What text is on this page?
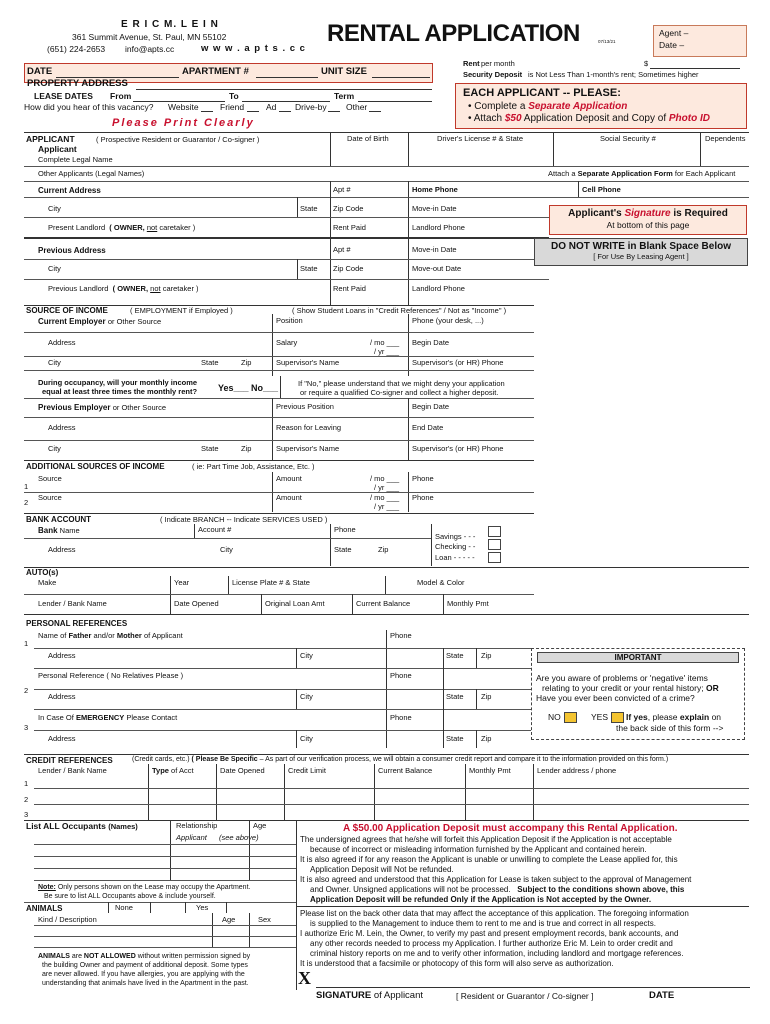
E R I C M. L E I N
361 Summit Avenue, St. Paul, MN 55102
(651) 224-2653 info@apts.cc	w w w . a p t s . c c
RENTAL APPLICATION	07/13/21
Agent –
Date –
DATE	APARTMENT #	UNIT SIZE
PROPERTY ADDRESS
LEASE DATES From	To	Term
How did you hear of this vacancy? Website	Friend	Ad Drive-by Other
Please Print Clearly
Rent per month	$
Security Deposit is Not Less Than 1-month's rent; Sometimes higher
EACH APPLICANT -- PLEASE:
• Complete a Separate Application
• Attach $50 Application Deposit and Copy of Photo ID
APPLICANT	( Prospective Resident or Guarantor / Co-signer )	Date of Birth	Driver's License # & State	Social Security #	Dependents
Applicant
Complete Legal Name
Other Applicants (Legal Names)	Attach a Separate Application Form for Each Applicant
Current Address	Apt #	Home Phone	Cell Phone
City	State Zip Code	Move-in Date
Present Landlord ( OWNER, not caretaker )	Rent Paid	Landlord Phone
Previous Address	Apt #	Move-in Date
City	State Zip Code	Move-out Date
Previous Landlord ( OWNER, not caretaker )	Rent Paid	Landlord Phone
Applicant's Signature is Required
At bottom of this page
DO NOT WRITE in Blank Space Below
[ For Use By Leasing Agent ]
SOURCE OF INCOME	( EMPLOYMENT if Employed )	( Show Student Loans in "Credit References" / Not as "Income" )
Current Employer or Other Source	Position	Phone (your desk, ...)
Address	Salary	/ mo ___
/ yr ___
Begin Date
City	State	Zip	Supervisor's Name	Supervisor's (or HR) Phone
During occupancy, will your monthly income
equal at least three times the monthly rent? Yes___ No___	If "No," please understand that we might deny your application
or require a qualified Co-signer and collect a higher deposit.
Previous Employer or Other Source	Previous Position	Begin Date
Address	Reason for Leaving	End Date
City	State	Zip	Supervisor's Name	Supervisor's (or HR) Phone
ADDITIONAL SOURCES OF INCOME	( ie: Part Time Job, Assistance, Etc. )
Source
1
Amount	/ mo ___
/ yr ___
Phone
Source
2
Amount	/ mo ___
/ yr ___
Phone
BANK ACCOUNT	( Indicate BRANCH -- Indicate SERVICES USED )
Bank Name	Account #	Phone
Address	City	State	Zip
Savings - - -
Checking - -
Loan - - - - -
AUTO(s)
Make	Year	License Plate # & State	Model & Color
Lender / Bank Name	Date Opened	Original Loan Amt	Current Balance	Monthly Pmt
PERSONAL REFERENCES
Name of Father and/or Mother of Applicant
1
Phone
Address	City	State Zip
Personal Reference ( No Relatives Please )
2
Phone
Address	City	State Zip
In Case Of EMERGENCY Please Contact
3
Phone
Address	City	State Zip
IMPORTANT
Are you aware of problems or 'negative' items
relating to your credit or your rental history; OR
Have you ever been convicted of a crime?
NO	YES If yes, please explain on
the back side of this form -->
CREDIT REFERENCES	(Credit cards, etc.) ( Please Be Specific – As part of our verification process, we will obtain a consumer credit report and compare it to the information provided on this form.)
Lender / Bank Name	Type of Acct	Date Opened	Credit Limit	Current Balance	Monthly Pmt	Lender address / phone
1
2
3
List ALL Occupants (Names)	Relationship	Age
Applicant (see above)
Note: Only persons shown on the Lease may occupy the Apartment.
Be sure to list ALL Occupants above & include yourself.
ANIMALS	None	Yes
Kind / Description	Age	Sex
ANIMALS are NOT ALLOWED without written permission signed by
the building Owner and payment of additional deposit. Some types
are never allowed. If you have allergies, you are applying with the
understanding that animals have lived in the Apartment in the past.
A $50.00 Application Deposit must accompany this Rental Application.
The undersigned agrees that he/she will forfeit this Application Deposit if the Application is not acceptable
because of incorrect or misleading information furnished by the Applicant and contained herein.
It is also agreed if for any reason the Applicant is unable or unwilling to complete the Lease applied for, this
Application Deposit will Not be refunded.
It is also agreed and understood that this Application for Lease is taken subject to the approval of Management
and Owner. Unsigned applications will not be processed. Subject to the conditions shown above, this
Application Deposit will be refunded Only if the Application is Not accepted by the Owner.
Please list on the back other data that may affect the acceptance of this application. The foregoing information
is supplied to the Management to induce them to rent to me and is true and correct in all respects.
I authorize Eric M. Lein, the Owner, to verify my past and present employment records, bank accounts, and
any other records needed to process my Application. I further authorize Eric M. Lein to order credit and
criminal history reports on me and to verify other information, including landlord and mortgage references.
It is understood that a facsimile or photocopy of this form will also serve as authorization.
X
SIGNATURE of Applicant	[ Resident or Guarantor / Co-signer ]	DATE
